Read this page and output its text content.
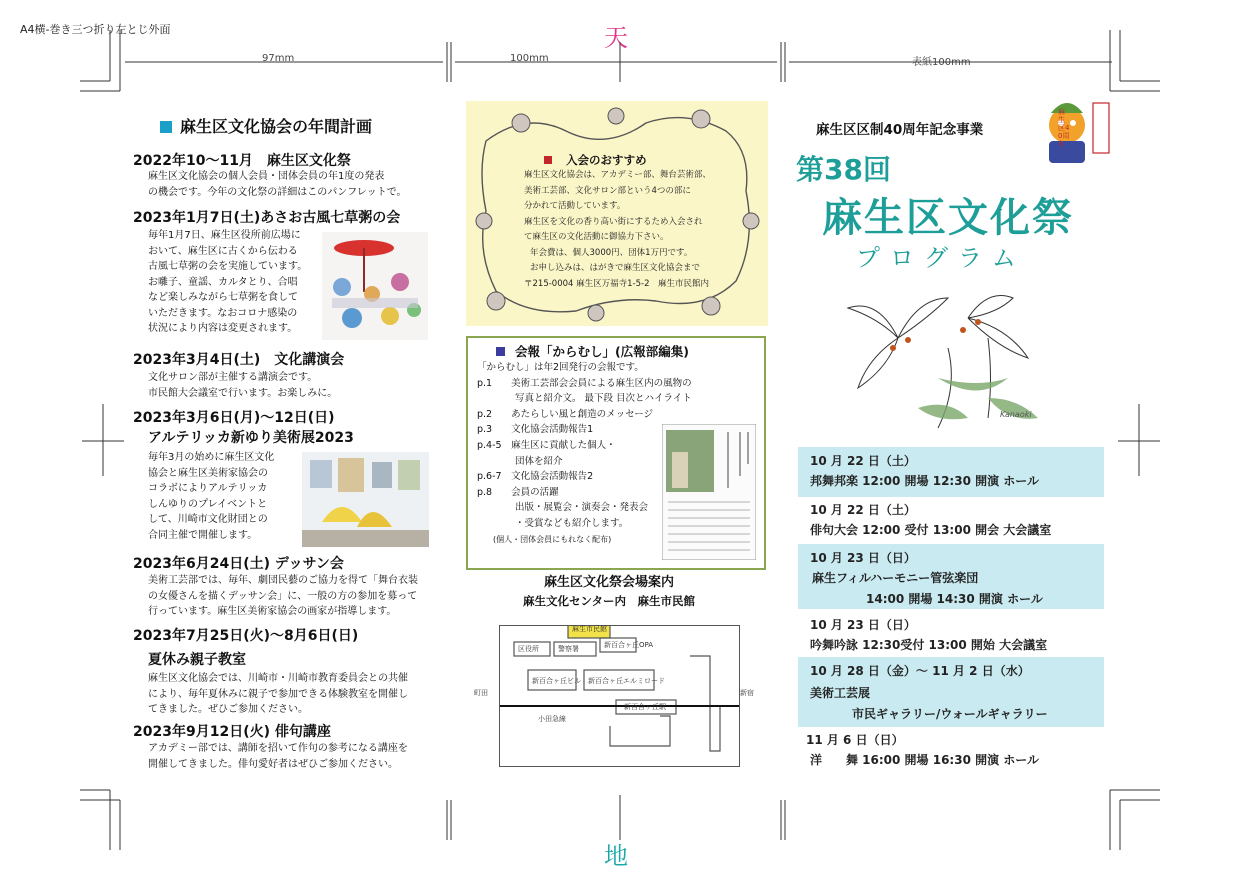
A4横-巻き三つ折り左とじ外面	天
地
97mm	100mm	表紙100mm
麻生区文化協会の年間計画
2022年10～11月　麻生区文化祭
麻生区文化協会の個人会員・団体会員の年1度の発表
の機会です。今年の文化祭の詳細はこのパンフレットで。
2023年1月7日(土)あさお古風七草粥の会
毎年1月7日、麻生区役所前広場に
おいて、麻生区に古くから伝わる
古風七草粥の会を実施しています。
お囃子、童謡、カルタとり、合唱
など楽しみながら七草粥を食して
いただきます。なおコロナ感染の
状況により内容は変更されます。
2023年3月4日(土)　文化講演会
文化サロン部が主催する講演会です。
市民館大会議室で行います。お楽しみに。
2023年3月6日(月)～12日(日)
アルテリッカ新ゆり美術展2023
毎年3月の始めに麻生区文化
協会と麻生区美術家協会の
コラボによりアルテリッカ
しんゆりのプレイベントと
して、川崎市文化財団との
合同主催で開催します。
2023年6月24日(土) デッサン会
美術工芸部では、毎年、劇団民藝のご協力を得て「舞台衣装
の女優さんを描くデッサン会」に、一般の方の参加を募って
行っています。麻生区美術家協会の画家が指導します。
2023年7月25日(火)～8月6日(日)
夏休み親子教室
麻生区文化協会では、川崎市・川崎市教育委員会との共催
により、毎年夏休みに親子で参加できる体験教室を開催し
てきました。ぜひご参加ください。
2023年9月12日(火) 俳句講座
アカデミー部では、講師を招いて作句の参考になる講座を
開催してきました。俳句愛好者はぜひご参加ください。
入会のおすすめ
麻生区文化協会は、アカデミー部、舞台芸術部、
美術工芸部、文化サロン部という4つの部に
分かれて活動しています。
麻生区を文化の香り高い街にするため入会され
て麻生区の文化活動に御協力下さい。
年会費は、個人3000円、団体1万円です。
お申し込みは、はがきで麻生区文化協会まで
〒215-0004 麻生区万福寺1-5-2　麻生市民館内
会報「からむし」(広報部編集)
「からむし」は年2回発行の会報です。
p.1　　美術工芸部会会員による麻生区内の風物の
　　　　写真と紹介文。 最下段 目次とハイライト
p.2　　あたらしい風と創造のメッセージ
p.3　　文化協会活動報告1
p.4-5　麻生区に貢献した個人・
　　　　団体を紹介
p.6-7　文化協会活動報告2
p.8　　会員の活躍
　　　　出版・展覧会・演奏会・発表会
　　　　・受賞なども紹介します。
　　(個人・団体会員にもれなく配布)
麻生区文化祭会場案内
麻生文化センター内　麻生市民館
麻生市民館
区役所	警察署	新百合ヶ丘OPA
新百合ヶ丘ビル 新百合ヶ丘エルミロード
新百合ヶ丘駅
小田急線
町田	新宿
麻生区区制40周年記念事業
麻生区40周年
第38回
麻生区文化祭
プログラム
Kanaoki
10 月 22 日（土）
邦舞邦楽 12:00 開場 12:30 開演 ホール
10 月 22 日（土）
俳句大会 12:00 受付 13:00 開会 大会議室
10 月 23 日（日）
麻生フィルハーモニー管弦楽団
14:00 開場 14:30 開演 ホール
10 月 23 日（日）
吟舞吟詠 12:30受付 13:00 開始 大会議室
10 月 28 日（金）～ 11 月 2 日（水）
美術工芸展
市民ギャラリー/ウォールギャラリー
11 月 6 日（日）
洋　　舞 16:00 開場 16:30 開演 ホール
